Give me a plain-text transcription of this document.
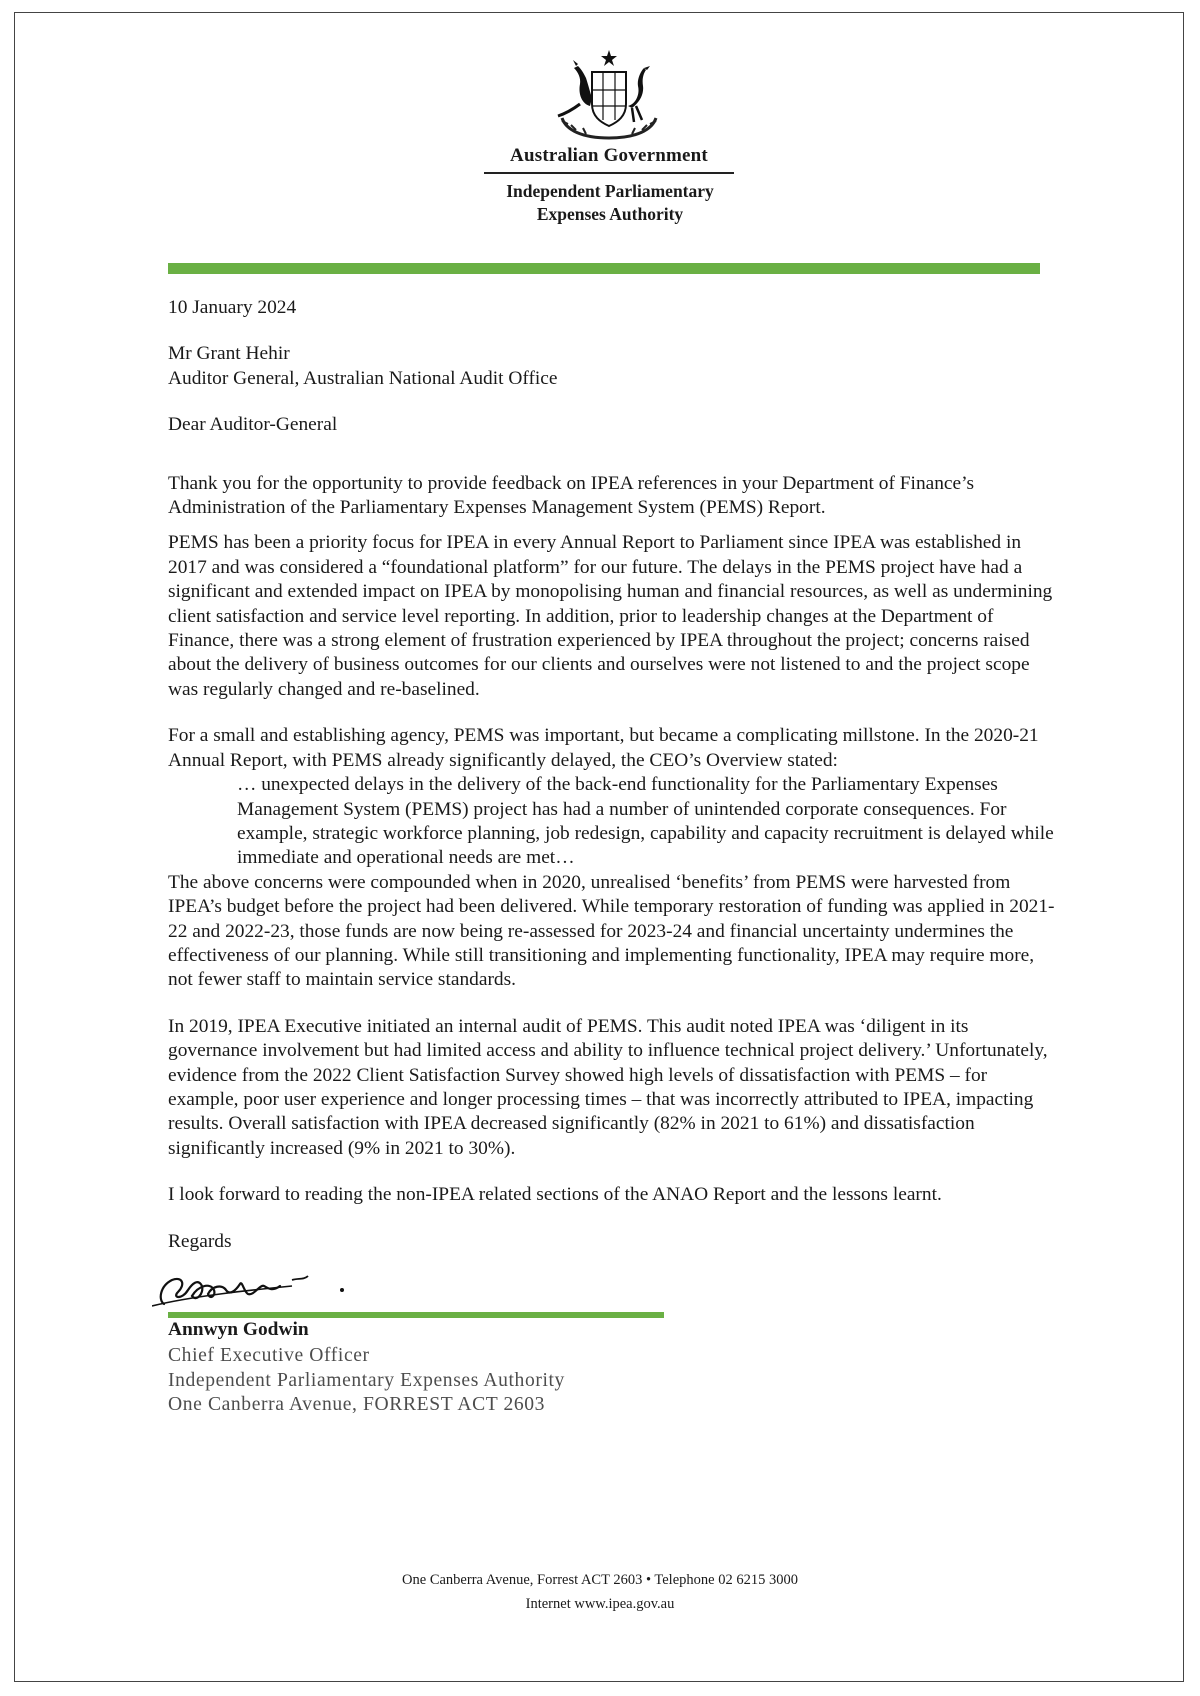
Australian Government
Independent Parliamentary
Expenses Authority

10 January 2024

Mr Grant Hehir

Auditor General, Australian National Audit Office

Dear Auditor-General

Thank you for the opportunity to provide feedback on IPEA references in your Department of Finance’s Administration of the Parliamentary Expenses Management System (PEMS) Report.

PEMS has been a priority focus for IPEA in every Annual Report to Parliament since IPEA was established in 2017 and was considered a “foundational platform” for our future. The delays in the PEMS project have had a significant and extended impact on IPEA by monopolising human and financial resources, as well as undermining client satisfaction and service level reporting. In addition, prior to leadership changes at the Department of Finance, there was a strong element of frustration experienced by IPEA throughout the project; concerns raised about the delivery of business outcomes for our clients and ourselves were not listened to and the project scope was regularly changed and re-baselined.

For a small and establishing agency, PEMS was important, but became a complicating millstone. In the 2020-21 Annual Report, with PEMS already significantly delayed, the CEO’s Overview stated:

… unexpected delays in the delivery of the back-end functionality for the Parliamentary Expenses Management System (PEMS) project has had a number of unintended corporate consequences. For example, strategic workforce planning, job redesign, capability and capacity recruitment is delayed while immediate and operational needs are met…

The above concerns were compounded when in 2020, unrealised ‘benefits’ from PEMS were harvested from IPEA’s budget before the project had been delivered. While temporary restoration of funding was applied in 2021-22 and 2022-23, those funds are now being re-assessed for 2023-24 and financial uncertainty undermines the effectiveness of our planning. While still transitioning and implementing functionality, IPEA may require more, not fewer staff to maintain service standards.

In 2019, IPEA Executive initiated an internal audit of PEMS. This audit noted IPEA was ‘diligent in its governance involvement but had limited access and ability to influence technical project delivery.’ Unfortunately, evidence from the 2022 Client Satisfaction Survey showed high levels of dissatisfaction with PEMS – for example, poor user experience and longer processing times – that was incorrectly attributed to IPEA, impacting results. Overall satisfaction with IPEA decreased significantly (82% in 2021 to 61%) and dissatisfaction significantly increased (9% in 2021 to 30%).

I look forward to reading the non-IPEA related sections of the ANAO Report and the lessons learnt.

Regards

Annwyn Godwin
Chief Executive Officer
Independent Parliamentary Expenses Authority
One Canberra Avenue, FORREST ACT 2603
One Canberra Avenue, Forrest ACT 2603 • Telephone 02 6215 3000
Internet www.ipea.gov.au
